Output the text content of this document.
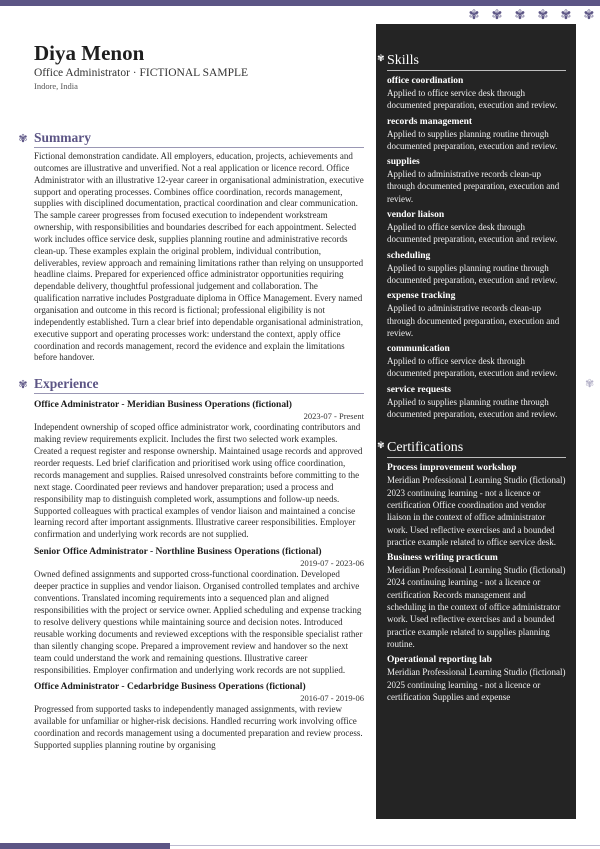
✾ ✾ ✾ ✾ ✾ ✾
Diya Menon
Office Administrator · FICTIONAL SAMPLE
Indore, India
✾ Summary
Fictional demonstration candidate. All employers, education, projects, achievements and outcomes are illustrative and unverified. Not a real application or licence record. Office Administrator with an illustrative 12-year career in organisational administration, executive support and operating processes. Combines office coordination, records management, supplies with disciplined documentation, practical coordination and clear communication. The sample career progresses from focused execution to independent workstream ownership, with responsibilities and boundaries described for each appointment. Selected work includes office service desk, supplies planning routine and administrative records clean-up. These examples explain the original problem, individual contribution, deliverables, review approach and remaining limitations rather than relying on unsupported headline claims. Prepared for experienced office administrator opportunities requiring dependable delivery, thoughtful professional judgement and collaboration. The qualification narrative includes Postgraduate diploma in Office Management. Every named organisation and outcome in this record is fictional; professional eligibility is not independently established. Turn a clear brief into dependable organisational administration, executive support and operating processes work: understand the context, apply office coordination and records management, record the evidence and explain the limitations before handover.
✾ Experience
Office Administrator - Meridian Business Operations (fictional)
2023-07 - Present
Independent ownership of scoped office administrator work, coordinating contributors and making review requirements explicit. Includes the first two selected work examples. Created a request register and response ownership. Maintained usage records and approved reorder requests. Led brief clarification and prioritised work using office coordination, records management and supplies. Raised unresolved constraints before committing to the next stage. Coordinated peer reviews and handover preparation; used a process and responsibility map to distinguish completed work, assumptions and follow-up needs. Supported colleagues with practical examples of vendor liaison and maintained a concise learning record after important assignments. Illustrative career responsibilities. Employer confirmation and underlying work records are not supplied.
Senior Office Administrator - Northline Business Operations (fictional)
2019-07 - 2023-06
Owned defined assignments and supported cross-functional coordination. Developed deeper practice in supplies and vendor liaison. Organised controlled templates and archive conventions. Translated incoming requirements into a sequenced plan and aligned responsibilities with the project or service owner. Applied scheduling and expense tracking to resolve delivery questions while maintaining source and decision notes. Introduced reusable working documents and reviewed exceptions with the responsible specialist rather than silently changing scope. Prepared a improvement review and handover so the next team could understand the work and remaining questions. Illustrative career responsibilities. Employer confirmation and underlying work records are not supplied.
Office Administrator - Cedarbridge Business Operations (fictional)
2016-07 - 2019-06
Progressed from supported tasks to independently managed assignments, with review available for unfamiliar or higher-risk decisions. Handled recurring work involving office coordination and records management using a documented preparation and review process. Supported supplies planning routine by organising
✾ Skills
office coordination
Applied to office service desk through documented preparation, execution and review.
records management
Applied to supplies planning routine through documented preparation, execution and review.
supplies
Applied to administrative records clean-up through documented preparation, execution and review.
vendor liaison
Applied to office service desk through documented preparation, execution and review.
scheduling
Applied to supplies planning routine through documented preparation, execution and review.
expense tracking
Applied to administrative records clean-up through documented preparation, execution and review.
communication
Applied to office service desk through documented preparation, execution and review.
service requests
Applied to supplies planning routine through documented preparation, execution and review.
✾ Certifications
Process improvement workshop
Meridian Professional Learning Studio (fictional) 2023 continuing learning - not a licence or certification Office coordination and vendor liaison in the context of office administrator work. Used reflective exercises and a bounded practice example related to office service desk.
Business writing practicum
Meridian Professional Learning Studio (fictional) 2024 continuing learning - not a licence or certification Records management and scheduling in the context of office administrator work. Used reflective exercises and a bounded practice example related to supplies planning routine.
Operational reporting lab
Meridian Professional Learning Studio (fictional) 2025 continuing learning - not a licence or certification Supplies and expense
✾
